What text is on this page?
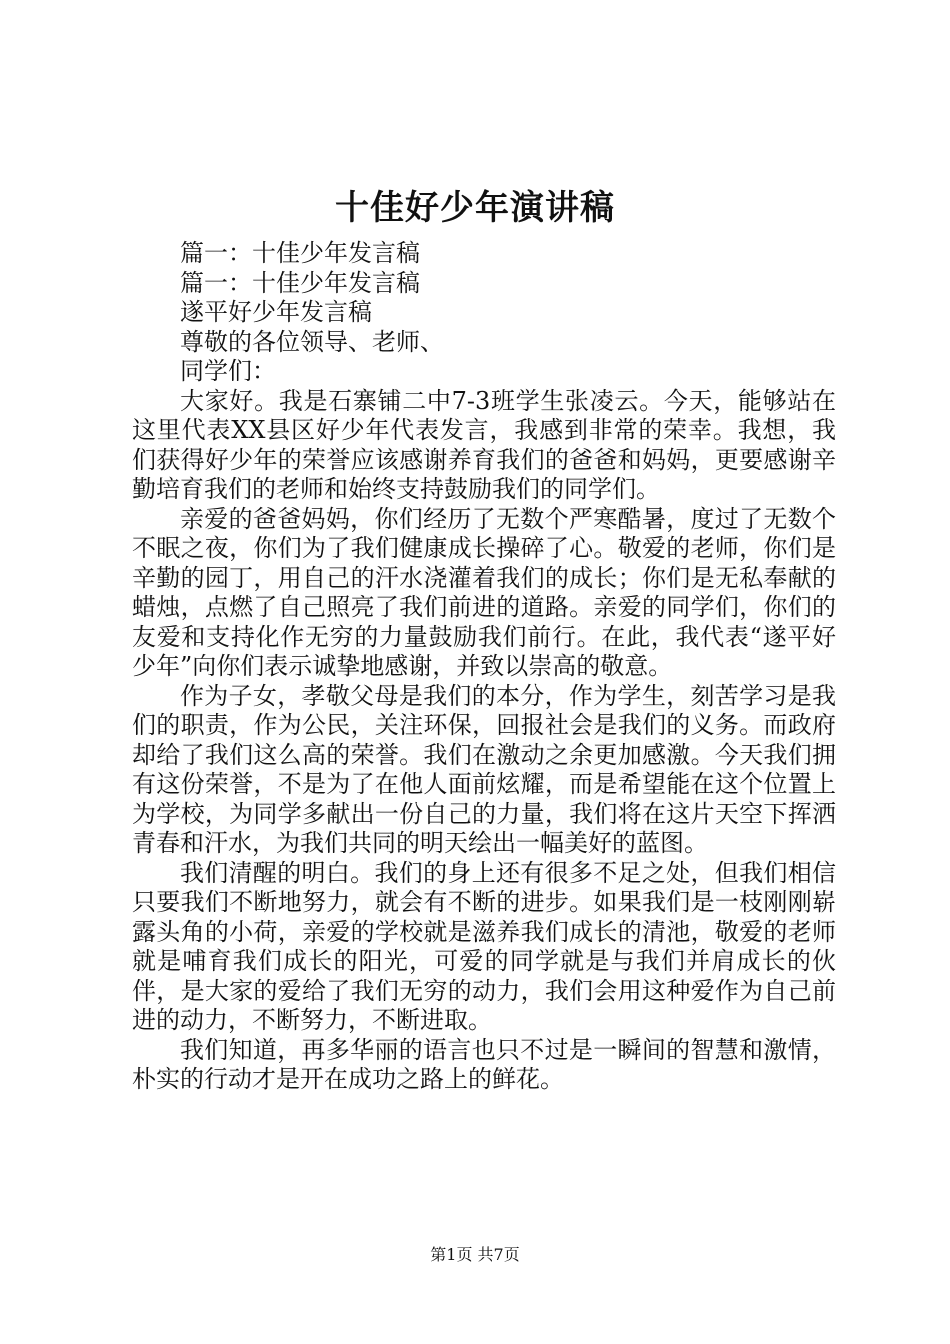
十佳好少年演讲稿
篇一：十佳少年发言稿
篇一：十佳少年发言稿
遂平好少年发言稿
尊敬的各位领导、老师、
同学们：

大家好。我是石寨铺二中7-3班学生张凌云。今天，能够站在这里代表XX县区好少年代表发言，我感到非常的荣幸。我想，我们获得好少年的荣誉应该感谢养育我们的爸爸和妈妈，更要感谢辛勤培育我们的老师和始终支持鼓励我们的同学们。

亲爱的爸爸妈妈，你们经历了无数个严寒酷暑，度过了无数个不眠之夜，你们为了我们健康成长操碎了心。敬爱的老师，你们是辛勤的园丁，用自己的汗水浇灌着我们的成长；你们是无私奉献的蜡烛，点燃了自己照亮了我们前进的道路。亲爱的同学们，你们的友爱和支持化作无穷的力量鼓励我们前行。在此，我代表“遂平好少年”向你们表示诚挚地感谢，并致以崇高的敬意。

作为子女，孝敬父母是我们的本分，作为学生，刻苦学习是我们的职责，作为公民，关注环保，回报社会是我们的义务。而政府却给了我们这么高的荣誉。我们在激动之余更加感激。今天我们拥有这份荣誉，不是为了在他人面前炫耀，而是希望能在这个位置上为学校，为同学多献出一份自己的力量，我们将在这片天空下挥洒青春和汗水，为我们共同的明天绘出一幅美好的蓝图。

我们清醒的明白。我们的身上还有很多不足之处，但我们相信只要我们不断地努力，就会有不断的进步。如果我们是一枝刚刚崭露头角的小荷，亲爱的学校就是滋养我们成长的清池，敬爱的老师就是哺育我们成长的阳光，可爱的同学就是与我们并肩成长的伙伴，是大家的爱给了我们无穷的动力，我们会用这种爱作为自己前进的动力，不断努力，不断进取。

我们知道，再多华丽的语言也只不过是一瞬间的智慧和激情，朴实的行动才是开在成功之路上的鲜花。

第1页 共7页
